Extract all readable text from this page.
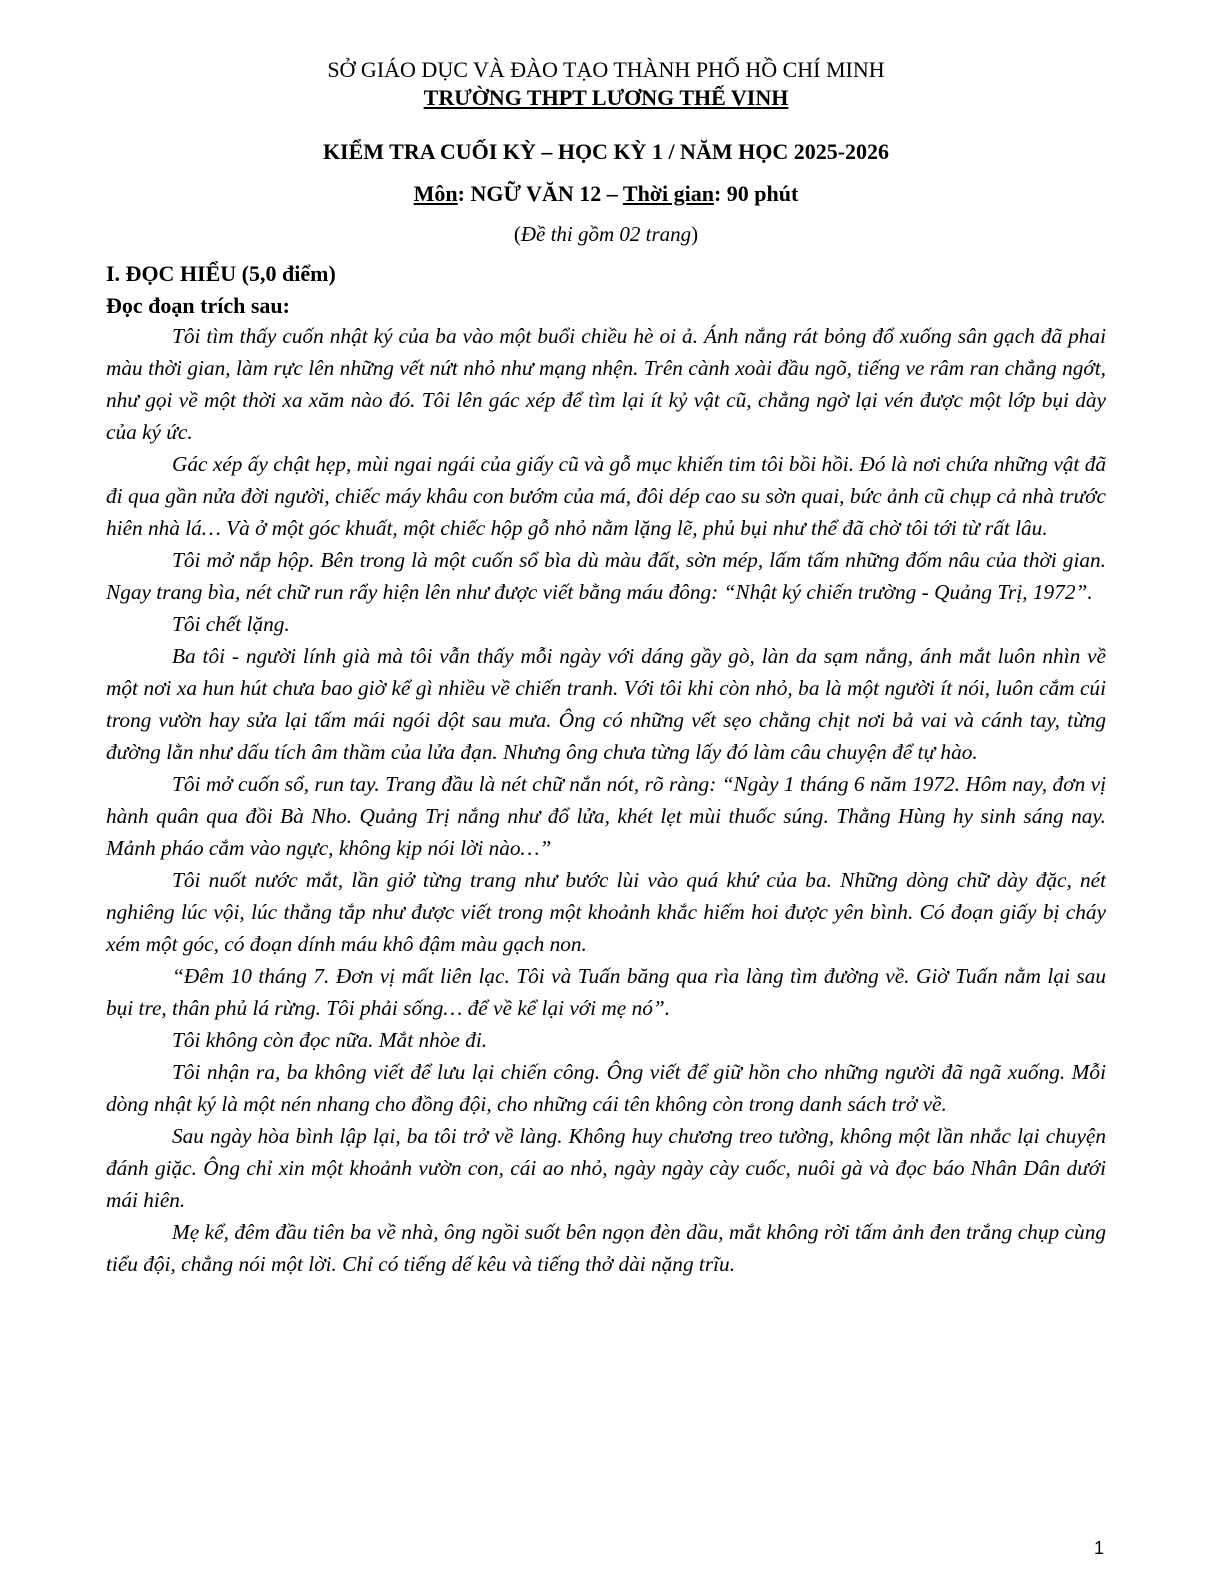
SỞ GIÁO DỤC VÀ ĐÀO TẠO THÀNH PHỐ HỒ CHÍ MINH
TRƯỜNG THPT LƯƠNG THẾ VINH
KIỂM TRA CUỐI KỲ – HỌC KỲ 1 / NĂM HỌC 2025-2026
Môn: NGỮ VĂN 12 – Thời gian: 90 phút
(Đề thi gồm 02 trang)
I. ĐỌC HIỂU (5,0 điểm)
Đọc đoạn trích sau:

Tôi tìm thấy cuốn nhật ký của ba vào một buổi chiều hè oi ả. Ánh nắng rát bỏng đổ xuống sân gạch đã phai màu thời gian, làm rực lên những vết nứt nhỏ như mạng nhện. Trên cành xoài đầu ngõ, tiếng ve râm ran chẳng ngớt, như gọi về một thời xa xăm nào đó. Tôi lên gác xép để tìm lại ít kỷ vật cũ, chẳng ngờ lại vén được một lớp bụi dày của ký ức.

Gác xép ấy chật hẹp, mùi ngai ngái của giấy cũ và gỗ mục khiến tim tôi bồi hồi. Đó là nơi chứa những vật đã đi qua gần nửa đời người, chiếc máy khâu con bướm của má, đôi dép cao su sờn quai, bức ảnh cũ chụp cả nhà trước hiên nhà lá… Và ở một góc khuất, một chiếc hộp gỗ nhỏ nằm lặng lẽ, phủ bụi như thể đã chờ tôi tới từ rất lâu.

Tôi mở nắp hộp. Bên trong là một cuốn sổ bìa dù màu đất, sờn mép, lấm tấm những đốm nâu của thời gian. Ngay trang bìa, nét chữ run rẩy hiện lên như được viết bằng máu đông: “Nhật ký chiến trường - Quảng Trị, 1972”.

Tôi chết lặng.

Ba tôi - người lính già mà tôi vẫn thấy mỗi ngày với dáng gầy gò, làn da sạm nắng, ánh mắt luôn nhìn về một nơi xa hun hút chưa bao giờ kể gì nhiều về chiến tranh. Với tôi khi còn nhỏ, ba là một người ít nói, luôn cắm cúi trong vườn hay sửa lại tấm mái ngói dột sau mưa. Ông có những vết sẹo chằng chịt nơi bả vai và cánh tay, từng đường lằn như dấu tích âm thầm của lửa đạn. Nhưng ông chưa từng lấy đó làm câu chuyện để tự hào.

Tôi mở cuốn sổ, run tay. Trang đầu là nét chữ nắn nót, rõ ràng: “Ngày 1 tháng 6 năm 1972. Hôm nay, đơn vị hành quân qua đồi Bà Nho. Quảng Trị nắng như đổ lửa, khét lẹt mùi thuốc súng. Thằng Hùng hy sinh sáng nay. Mảnh pháo cắm vào ngực, không kịp nói lời nào…”

Tôi nuốt nước mắt, lần giở từng trang như bước lùi vào quá khứ của ba. Những dòng chữ dày đặc, nét nghiêng lúc vội, lúc thẳng tắp như được viết trong một khoảnh khắc hiếm hoi được yên bình. Có đoạn giấy bị cháy xém một góc, có đoạn dính máu khô đậm màu gạch non.

“Đêm 10 tháng 7. Đơn vị mất liên lạc. Tôi và Tuấn băng qua rìa làng tìm đường về. Giờ Tuấn nằm lại sau bụi tre, thân phủ lá rừng. Tôi phải sống… để về kể lại với mẹ nó”.

Tôi không còn đọc nữa. Mắt nhòe đi.

Tôi nhận ra, ba không viết để lưu lại chiến công. Ông viết để giữ hồn cho những người đã ngã xuống. Mỗi dòng nhật ký là một nén nhang cho đồng đội, cho những cái tên không còn trong danh sách trở về.

Sau ngày hòa bình lập lại, ba tôi trở về làng. Không huy chương treo tường, không một lần nhắc lại chuyện đánh giặc. Ông chỉ xin một khoảnh vườn con, cái ao nhỏ, ngày ngày cày cuốc, nuôi gà và đọc báo Nhân Dân dưới mái hiên.

Mẹ kể, đêm đầu tiên ba về nhà, ông ngồi suốt bên ngọn đèn dầu, mắt không rời tấm ảnh đen trắng chụp cùng tiểu đội, chẳng nói một lời. Chỉ có tiếng dế kêu và tiếng thở dài nặng trĩu.

1
